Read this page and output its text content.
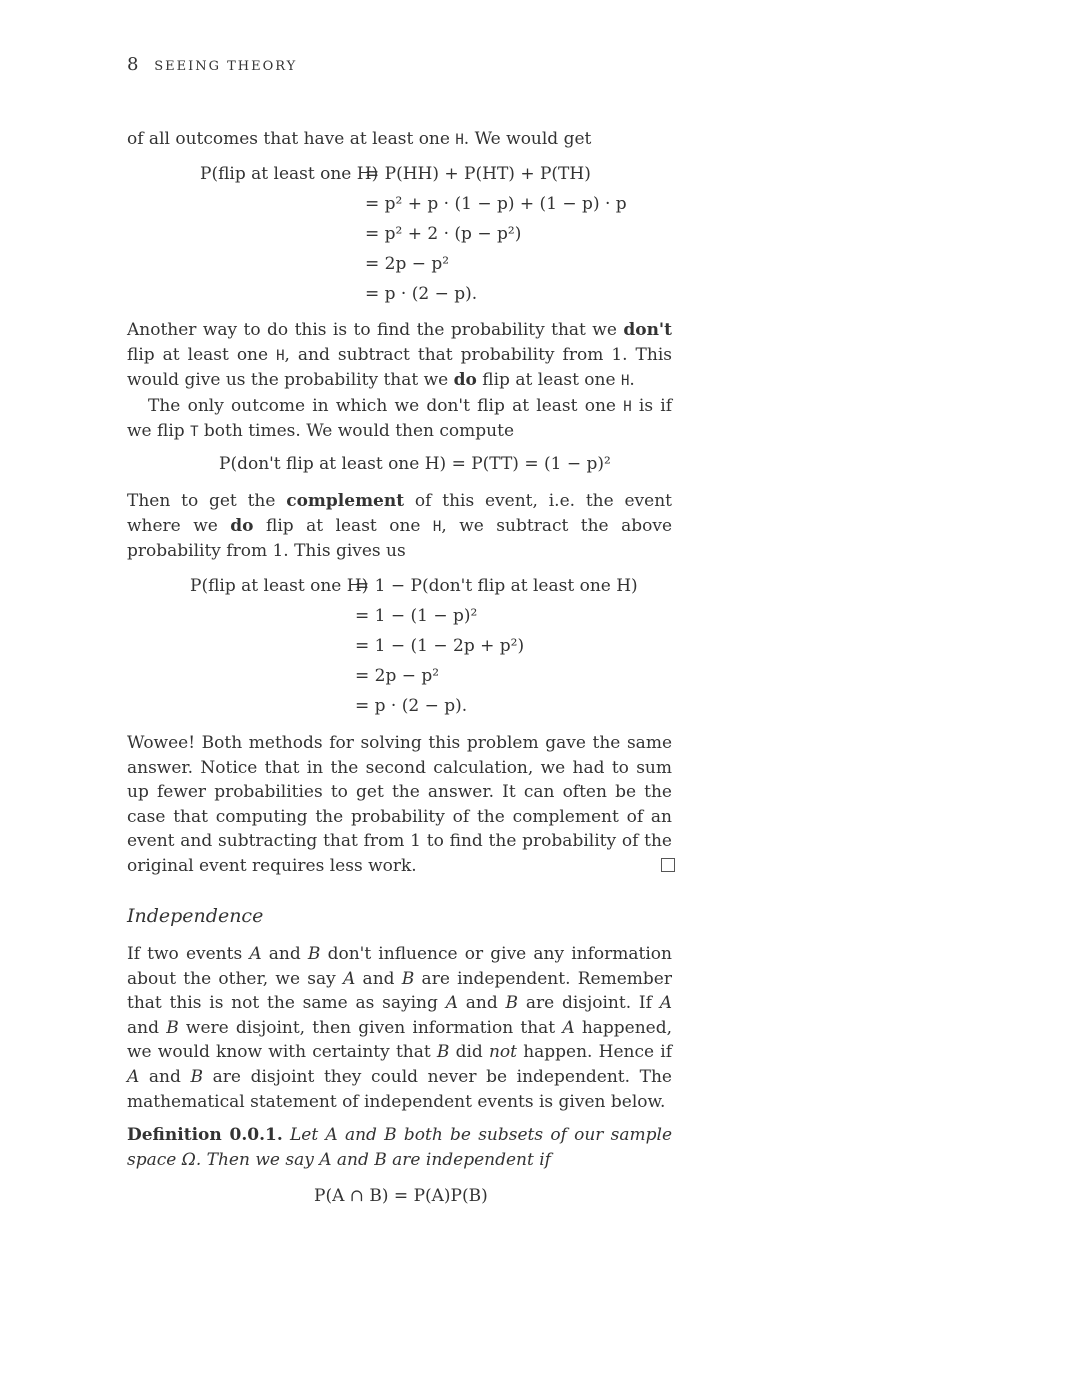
8 SEEING THEORY

of all outcomes that have at least one H. We would get

P(flip at least one H)
= P(HH) + P(HT) + P(TH)
= p² + p · (1 − p) + (1 − p) · p
= p² + 2 · (p − p²)
= 2p − p²
= p · (2 − p).

Another way to do this is to find the probability that we don't flip at least one H, and subtract that probability from 1. This would give us the probability that we do flip at least one H.

The only outcome in which we don't flip at least one H is if we flip T both times. We would then compute

P(don't flip at least one H) = P(TT) = (1 − p)²

Then to get the complement of this event, i.e. the event where we do flip at least one H, we subtract the above probability from 1. This gives us

P(flip at least one H)
= 1 − P(don't flip at least one H)
= 1 − (1 − p)²
= 1 − (1 − 2p + p²)
= 2p − p²
= p · (2 − p).

Wowee! Both methods for solving this problem gave the same answer. Notice that in the second calculation, we had to sum up fewer probabilities to get the answer. It can often be the case that computing the probability of the complement of an event and subtracting that from 1 to find the probability of the original event requires less work.

Independence

If two events A and B don't influence or give any information about the other, we say A and B are independent. Remember that this is not the same as saying A and B are disjoint. If A and B were disjoint, then given information that A happened, we would know with certainty that B did not happen. Hence if A and B are disjoint they could never be independent. The mathematical statement of independent events is given below.

Definition 0.0.1. Let A and B both be subsets of our sample space Ω. Then we say A and B are independent if

P(A ∩ B) = P(A)P(B)
